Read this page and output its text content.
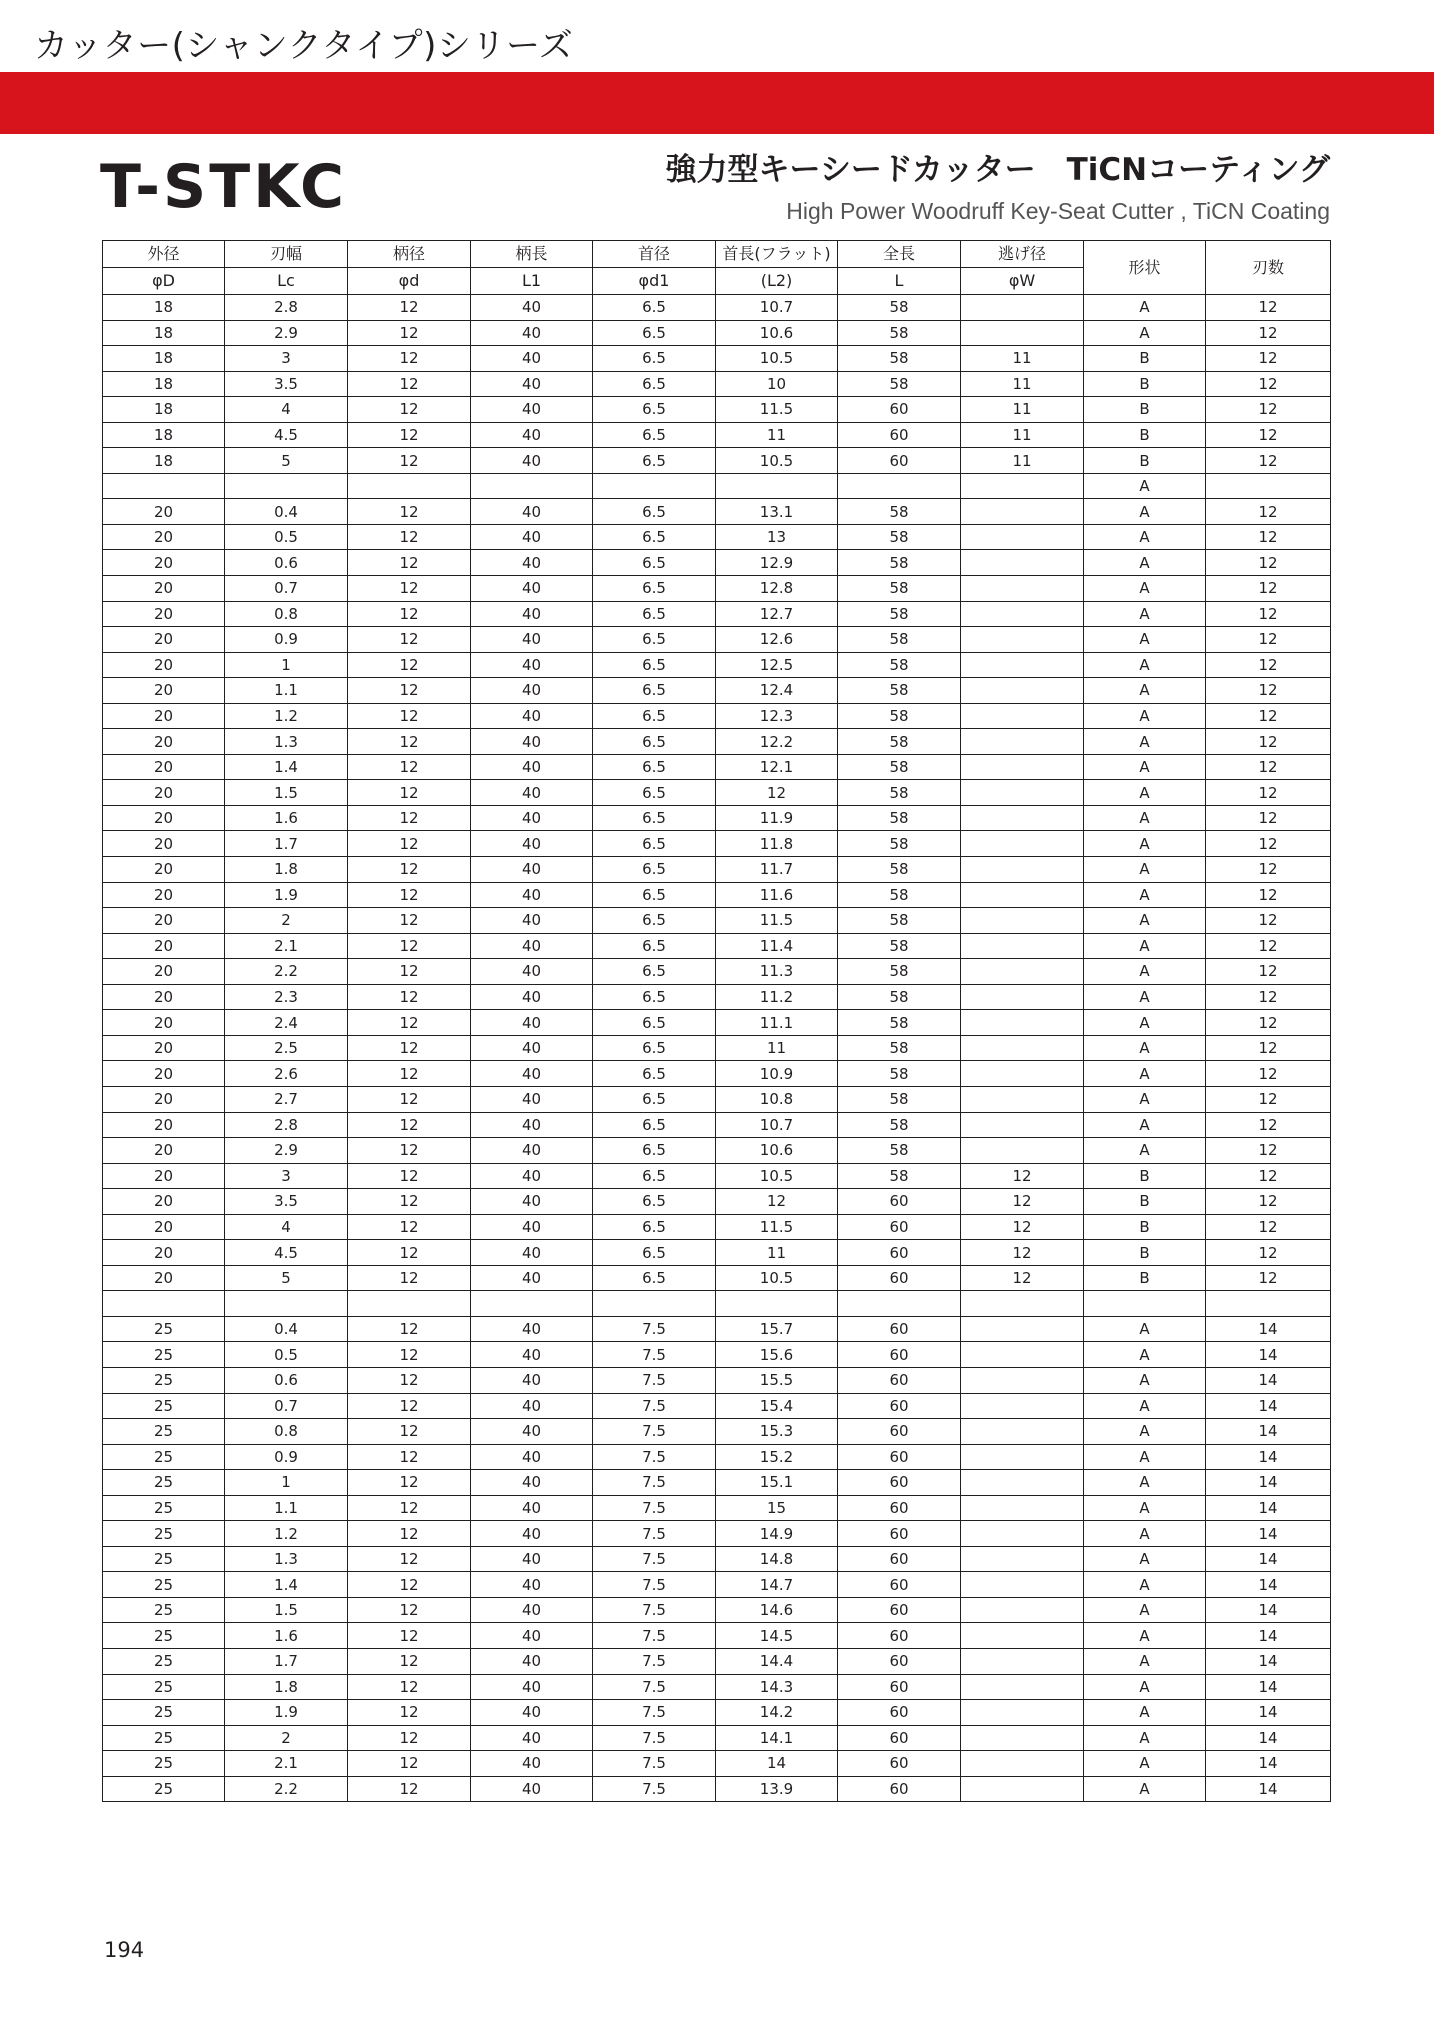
カッター(シャンクタイプ)シリーズ
T-STKC	強力型キーシードカッター　TiCNコーティング
High Power Woodruff Key-Seat Cutter , TiCN Coating
外径	刃幅	柄径	柄長	首径	首長(フラット)	全長	逃げ径	形状	刃数
φD	Lc	φd	L1	φd1	(L2)	L	φW		
18	2.8	12	40	6.5	10.7	58		A	12
18	2.9	12	40	6.5	10.6	58		A	12
18	3	12	40	6.5	10.5	58	11	B	12
18	3.5	12	40	6.5	10	58	11	B	12
18	4	12	40	6.5	11.5	60	11	B	12
18	4.5	12	40	6.5	11	60	11	B	12
18	5	12	40	6.5	10.5	60	11	B	12
								A	
20	0.4	12	40	6.5	13.1	58		A	12
20	0.5	12	40	6.5	13	58		A	12
20	0.6	12	40	6.5	12.9	58		A	12
20	0.7	12	40	6.5	12.8	58		A	12
20	0.8	12	40	6.5	12.7	58		A	12
20	0.9	12	40	6.5	12.6	58		A	12
20	1	12	40	6.5	12.5	58		A	12
20	1.1	12	40	6.5	12.4	58		A	12
20	1.2	12	40	6.5	12.3	58		A	12
20	1.3	12	40	6.5	12.2	58		A	12
20	1.4	12	40	6.5	12.1	58		A	12
20	1.5	12	40	6.5	12	58		A	12
20	1.6	12	40	6.5	11.9	58		A	12
20	1.7	12	40	6.5	11.8	58		A	12
20	1.8	12	40	6.5	11.7	58		A	12
20	1.9	12	40	6.5	11.6	58		A	12
20	2	12	40	6.5	11.5	58		A	12
20	2.1	12	40	6.5	11.4	58		A	12
20	2.2	12	40	6.5	11.3	58		A	12
20	2.3	12	40	6.5	11.2	58		A	12
20	2.4	12	40	6.5	11.1	58		A	12
20	2.5	12	40	6.5	11	58		A	12
20	2.6	12	40	6.5	10.9	58		A	12
20	2.7	12	40	6.5	10.8	58		A	12
20	2.8	12	40	6.5	10.7	58		A	12
20	2.9	12	40	6.5	10.6	58		A	12
20	3	12	40	6.5	10.5	58	12	B	12
20	3.5	12	40	6.5	12	60	12	B	12
20	4	12	40	6.5	11.5	60	12	B	12
20	4.5	12	40	6.5	11	60	12	B	12
20	5	12	40	6.5	10.5	60	12	B	12

25	0.4	12	40	7.5	15.7	60		A	14
25	0.5	12	40	7.5	15.6	60		A	14
25	0.6	12	40	7.5	15.5	60		A	14
25	0.7	12	40	7.5	15.4	60		A	14
25	0.8	12	40	7.5	15.3	60		A	14
25	0.9	12	40	7.5	15.2	60		A	14
25	1	12	40	7.5	15.1	60		A	14
25	1.1	12	40	7.5	15	60		A	14
25	1.2	12	40	7.5	14.9	60		A	14
25	1.3	12	40	7.5	14.8	60		A	14
25	1.4	12	40	7.5	14.7	60		A	14
25	1.5	12	40	7.5	14.6	60		A	14
25	1.6	12	40	7.5	14.5	60		A	14
25	1.7	12	40	7.5	14.4	60		A	14
25	1.8	12	40	7.5	14.3	60		A	14
25	1.9	12	40	7.5	14.2	60		A	14
25	2	12	40	7.5	14.1	60		A	14
25	2.1	12	40	7.5	14	60		A	14
25	2.2	12	40	7.5	13.9	60		A	14
194
